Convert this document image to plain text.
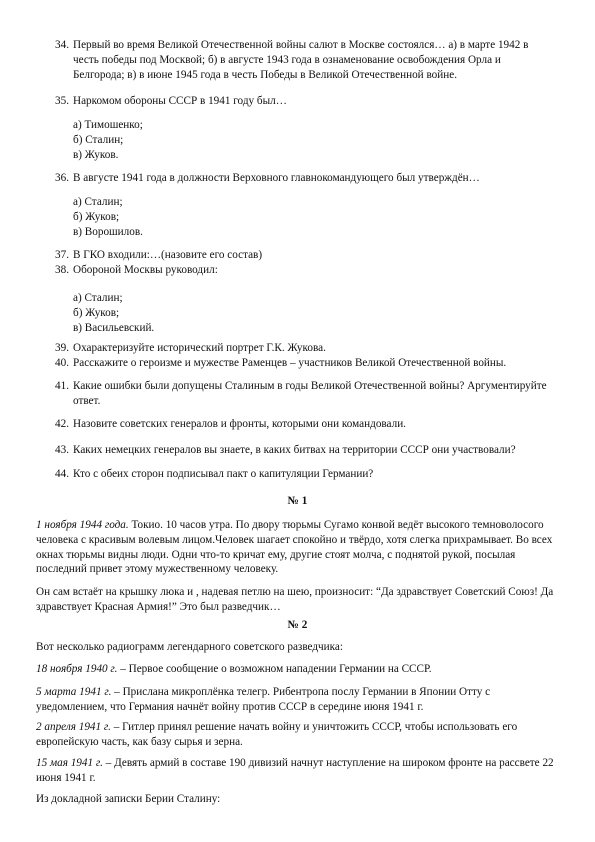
34. Первый во время Великой Отечественной войны салют в Москве состоялся… а) в марте 1942 в честь победы под Москвой; б) в августе 1943 года в ознаменование освобождения Орла и Белгорода; в) в июне 1945 года в честь Победы в Великой Отечественной войне.
35. Наркомом обороны СССР в 1941 году был…
а) Тимошенко;
б) Сталин;
в) Жуков.
36. В августе 1941 года в должности Верховного главнокомандующего был утверждён…
а) Сталин;
б) Жуков;
в) Ворошилов.
37. В ГКО входили:…(назовите его состав)
38. Обороной Москвы руководил:
а) Сталин;
б) Жуков;
в) Васильевский.
39. Охарактеризуйте исторический портрет Г.К. Жукова.
40. Расскажите о героизме и мужестве Раменцев – участников Великой Отечественной войны.
41. Какие ошибки были допущены Сталиным в годы Великой Отечественной войны? Аргументируйте ответ.
42. Назовите советских генералов и фронты, которыми они командовали.
43. Каких немецких генералов вы знаете, в каких битвах на территории СССР они участвовали?
44. Кто с обеих сторон подписывал пакт о капитуляции Германии?
№ 1
1 ноября 1944 года. Токио. 10 часов утра. По двору тюрьмы Сугамо конвой ведёт высокого темноволосого человека с красивым волевым лицом.Человек шагает спокойно и твёрдо, хотя слегка прихрамывает. Во всех окнах тюрьмы видны люди. Одни что-то кричат ему, другие стоят молча, с поднятой рукой, посылая последний привет этому мужественному человеку.
Он сам встаёт на крышку люка и , надевая петлю на шею, произносит: “Да здравствует Советский Союз! Да здравствует Красная Армия!” Это был разведчик…
№ 2
Вот несколько радиограмм легендарного советского разведчика:
18 ноября 1940 г. – Первое сообщение о возможном нападении Германии на СССР.
5 марта 1941 г. – Прислана микроплёнка телегр. Рибентропа послу Германии в Японии Отту с уведомлением, что Германия начнёт войну против СССР в середине июня 1941 г.
2 апреля 1941 г. – Гитлер принял решение начать войну и уничтожить СССР, чтобы использовать его европейскую часть, как базу сырья и зерна.
15 мая 1941 г. – Девять армий в составе 190 дивизий начнут наступление на широком фронте на рассвете 22 июня 1941 г.
Из докладной записки Берии Сталину:
